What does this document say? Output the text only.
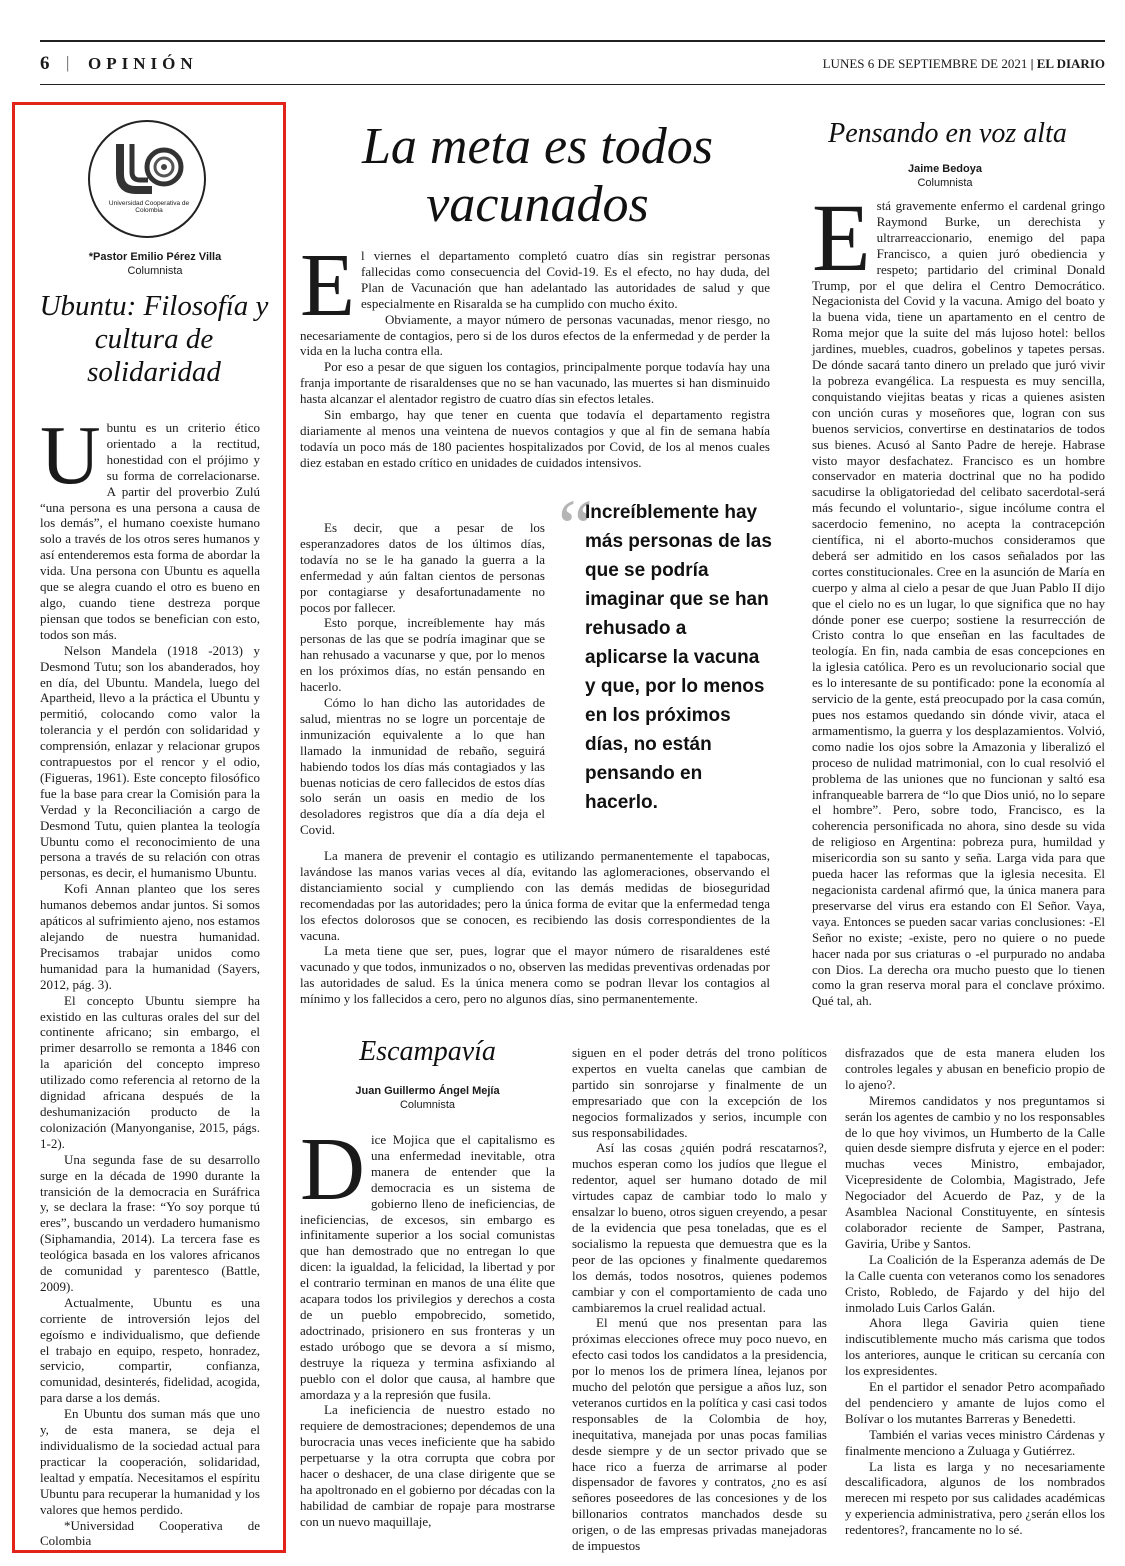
6 | OPINIÓN	LUNES 6 DE SEPTIEMBRE DE 2021 | EL DIARIO
Universidad Cooperativa de Colombia
*Pastor Emilio Pérez Villa
Columnista
Ubuntu: Filosofía y cultura de solidaridad

Ubuntu es un criterio ético orientado a la rectitud, honestidad con el prójimo y su forma de correlacionarse. A partir del proverbio Zulú “una persona es una persona a causa de los demás”, el humano coexiste humano solo a través de los otros seres humanos y así entenderemos esta forma de abordar la vida. Una persona con Ubuntu es aquella que se alegra cuando el otro es bueno en algo, cuando tiene destreza porque piensan que todos se benefician con esto, todos son más.

Nelson Mandela (1918 -2013) y Desmond Tutu; son los abanderados, hoy en día, del Ubuntu. Mandela, luego del Apartheid, llevo a la práctica el Ubuntu y permitió, colocando como valor la tolerancia y el perdón con solidaridad y comprensión, enlazar y relacionar grupos contrapuestos por el rencor y el odio, (Figueras, 1961). Este concepto filosófico fue la base para crear la Comisión para la Verdad y la Reconciliación a cargo de Desmond Tutu, quien plantea la teología Ubuntu como el reconocimiento de una persona a través de su relación con otras personas, es decir, el humanismo Ubuntu.

Kofi Annan planteo que los seres humanos debemos andar juntos. Si somos apáticos al sufrimiento ajeno, nos estamos alejando de nuestra humanidad. Precisamos trabajar unidos como humanidad para la humanidad (Sayers, 2012, pág. 3).

El concepto Ubuntu siempre ha existido en las culturas orales del sur del continente africano; sin embargo, el primer desarrollo se remonta a 1846 con la aparición del concepto impreso utilizado como referencia al retorno de la dignidad africana después de la deshumanización producto de la colonización (Manyonganise, 2015, págs. 1-2).

Una segunda fase de su desarrollo surge en la década de 1990 durante la transición de la democracia en Suráfrica y, se declara la frase: “Yo soy porque tú eres”, buscando un verdadero humanismo (Siphamandia, 2014). La tercera fase es teológica basada en los valores africanos de comunidad y parentesco (Battle, 2009).

Actualmente, Ubuntu es una corriente de introversión lejos del egoísmo e individualismo, que defiende el trabajo en equipo, respeto, honradez, servicio, compartir, confianza, comunidad, desinterés, fidelidad, acogida, para darse a los demás.

En Ubuntu dos suman más que uno y, de esta manera, se deja el individualismo de la sociedad actual para practicar la cooperación, solidaridad, lealtad y empatía. Necesitamos el espíritu Ubuntu para recuperar la humanidad y los valores que hemos perdido.

*Universidad Cooperativa de Colombia

La meta es todos vacunados

El viernes el departamento completó cuatro días sin registrar personas fallecidas como consecuencia del Covid-19. Es el efecto, no hay duda, del Plan de Vacunación que han adelantado las autoridades de salud y que especialmente en Risaralda se ha cumplido con mucho éxito.

Obviamente, a mayor número de personas vacunadas, menor riesgo, no necesariamente de contagios, pero si de los duros efectos de la enfermedad y de perder la vida en la lucha contra ella.

Por eso a pesar de que siguen los contagios, principalmente porque todavía hay una franja importante de risaraldenses que no se han vacunado, las muertes si han disminuido hasta alcanzar el alentador registro de cuatro días sin efectos letales.

Sin embargo, hay que tener en cuenta que todavía el departamento registra diariamente al menos una veintena de nuevos contagios y que al fin de semana había todavía un poco más de 180 pacientes hospitalizados por Covid, de los al menos cuales diez estaban en estado crítico en unidades de cuidados intensivos.

Es decir, que a pesar de los esperanzadores datos de los últimos días, todavía no se le ha ganado la guerra a la enfermedad y aún faltan cientos de personas por contagiarse y desafortunadamente no pocos por fallecer.

Esto porque, increíblemente hay más personas de las que se podría imaginar que se han rehusado a vacunarse y que, por lo menos en los próximos días, no están pensando en hacerlo.

Cómo lo han dicho las autoridades de salud, mientras no se logre un porcentaje de inmunización equivalente a lo que han llamado la inmunidad de rebaño, seguirá habiendo todos los días más contagiados y las buenas noticias de cero fallecidos de estos días solo serán un oasis en medio de los desoladores registros que día a día deja el Covid.

“
Increíblemente hay más personas de las que se podría imaginar que se han rehusado a aplicarse la vacuna y que, por lo menos en los próximos días, no están pensando en hacerlo.

La manera de prevenir el contagio es utilizando permanentemente el tapabocas, lavándose las manos varias veces al día, evitando las aglomeraciones, observando el distanciamiento social y cumpliendo con las demás medidas de bioseguridad recomendadas por las autoridades; pero la única forma de evitar que la enfermedad tenga los efectos dolorosos que se conocen, es recibiendo las dosis correspondientes de la vacuna.

La meta tiene que ser, pues, lograr que el mayor número de risaraldenes esté vacunado y que todos, inmunizados o no, observen las medidas preventivas ordenadas por las autoridades de salud. Es la única menera como se podran llevar los contagios al mínimo y los fallecidos a cero, pero no algunos días, sino permanentemente.

Pensando en voz alta
Jaime Bedoya
Columnista

Está gravemente enfermo el cardenal gringo Raymond Burke, un derechista y ultrarreaccionario, enemigo del papa Francisco, a quien juró obediencia y respeto; partidario del criminal Donald Trump, por el que delira el Centro Democrático. Negacionista del Covid y la vacuna. Amigo del boato y la buena vida, tiene un apartamento en el centro de Roma mejor que la suite del más lujoso hotel: bellos jardines, muebles, cuadros, gobelinos y tapetes persas. De dónde sacará tanto dinero un prelado que juró vivir la pobreza evangélica. La respuesta es muy sencilla, conquistando viejitas beatas y ricas a quienes asisten con unción curas y moseñores que, logran con sus buenos servicios, convertirse en destinatarios de todos sus bienes. Acusó al Santo Padre de hereje. Habrase visto mayor desfachatez. Francisco es un hombre conservador en materia doctrinal que no ha podido sacudirse la obligatoriedad del celibato sacerdotal-será más fecundo el voluntario-, sigue incólume contra el sacerdocio femenino, no acepta la contracepción científica, ni el aborto-muchos consideramos que deberá ser admitido en los casos señalados por las cortes constitucionales. Cree en la asunción de María en cuerpo y alma al cielo a pesar de que Juan Pablo II dijo que el cielo no es un lugar, lo que significa que no hay dónde poner ese cuerpo; sostiene la resurrección de Cristo contra lo que enseñan en las facultades de teología. En fin, nada cambia de esas concepciones en la iglesia católica. Pero es un revolucionario social que es lo interesante de su pontificado: pone la economía al servicio de la gente, está preocupado por la casa común, pues nos estamos quedando sin dónde vivir, ataca el armamentismo, la guerra y los desplazamientos. Volvió, como nadie los ojos sobre la Amazonia y liberalizó el proceso de nulidad matrimonial, con lo cual resolvió el problema de las uniones que no funcionan y saltó esa infranqueable barrera de “lo que Dios unió, no lo separe el hombre”. Pero, sobre todo, Francisco, es la coherencia personificada no ahora, sino desde su vida de religioso en Argentina: pobreza pura, humildad y misericordia son su santo y seña. Larga vida para que pueda hacer las reformas que la iglesia necesita. El negacionista cardenal afirmó que, la única manera para preservarse del virus era estando con El Señor. Vaya, vaya. Entonces se pueden sacar varias conclusiones: -El Señor no existe; -existe, pero no quiere o no puede hacer nada por sus criaturas o -el purpurado no andaba con Dios. La derecha ora mucho puesto que lo tienen como la gran reserva moral para el conclave próximo. Qué tal, ah.

Escampavía
Juan Guillermo Ángel Mejía
Columnista

Dice Mojica que el capitalismo es una enfermedad inevitable, otra manera de entender que la democracia es un sistema de gobierno lleno de ineficiencias, de ineficiencias, de excesos, sin embargo es infinitamente superior a los social comunistas que han demostrado que no entregan lo que dicen: la igualdad, la felicidad, la libertad y por el contrario terminan en manos de una élite que acapara todos los privilegios y derechos a costa de un pueblo empobrecido, sometido, adoctrinado, prisionero en sus fronteras y un estado uróbogo que se devora a sí mismo, destruye la riqueza y termina asfixiando al pueblo con el dolor que causa, al hambre que amordaza y a la represión que fusila.

La ineficiencia de nuestro estado no requiere de demostraciones; dependemos de una burocracia unas veces ineficiente que ha sabido perpetuarse y la otra corrupta que cobra por hacer o deshacer, de una clase dirigente que se ha apoltronado en el gobierno por décadas con la habilidad de cambiar de ropaje para mostrarse con un nuevo maquillaje,

siguen en el poder detrás del trono políticos expertos en vuelta canelas que cambian de partido sin sonrojarse y finalmente de un empresariado que con la excepción de los negocios formalizados y serios, incumple con sus responsabilidades.

Así las cosas ¿quién podrá rescatarnos?, muchos esperan como los judíos que llegue el redentor, aquel ser humano dotado de mil virtudes capaz de cambiar todo lo malo y ensalzar lo bueno, otros siguen creyendo, a pesar de la evidencia que pesa toneladas, que es el socialismo la repuesta que demuestra que es la peor de las opciones y finalmente quedaremos los demás, todos nosotros, quienes podemos cambiar y con el comportamiento de cada uno cambiaremos la cruel realidad actual.

El menú que nos presentan para las próximas elecciones ofrece muy poco nuevo, en efecto casi todos los candidatos a la presidencia, por lo menos los de primera línea, lejanos por mucho del pelotón que persigue a años luz, son veteranos curtidos en la política y casi casi todos responsables de la Colombia de hoy, inequitativa, manejada por unas pocas familias desde siempre y de un sector privado que se hace rico a fuerza de arrimarse al poder dispensador de favores y contratos, ¿no es así señores poseedores de las concesiones y de los billonarios contratos manchados desde su origen, o de las empresas privadas manejadoras de impuestos

disfrazados que de esta manera eluden los controles legales y abusan en beneficio propio de lo ajeno?.

Miremos candidatos y nos preguntamos si serán los agentes de cambio y no los responsables de lo que hoy vivimos, un Humberto de la Calle quien desde siempre disfruta y ejerce en el poder: muchas veces Ministro, embajador, Vicepresidente de Colombia, Magistrado, Jefe Negociador del Acuerdo de Paz, y de la Asamblea Nacional Constituyente, en síntesis colaborador reciente de Samper, Pastrana, Gaviria, Uribe y Santos.

La Coalición de la Esperanza además de De la Calle cuenta con veteranos como los senadores Cristo, Robledo, de Fajardo y del hijo del inmolado Luis Carlos Galán.

Ahora llega Gaviria quien tiene indiscutiblemente mucho más carisma que todos los anteriores, aunque le critican su cercanía con los expresidentes.

En el partidor el senador Petro acompañado del pendenciero y amante de lujos como el Bolívar o los mutantes Barreras y Benedetti.

También el varias veces ministro Cárdenas y finalmente menciono a Zuluaga y Gutiérrez.

La lista es larga y no necesariamente descalificadora, algunos de los nombrados merecen mi respeto por sus calidades académicas y experiencia administrativa, pero ¿serán ellos los redentores?, francamente no lo sé.
